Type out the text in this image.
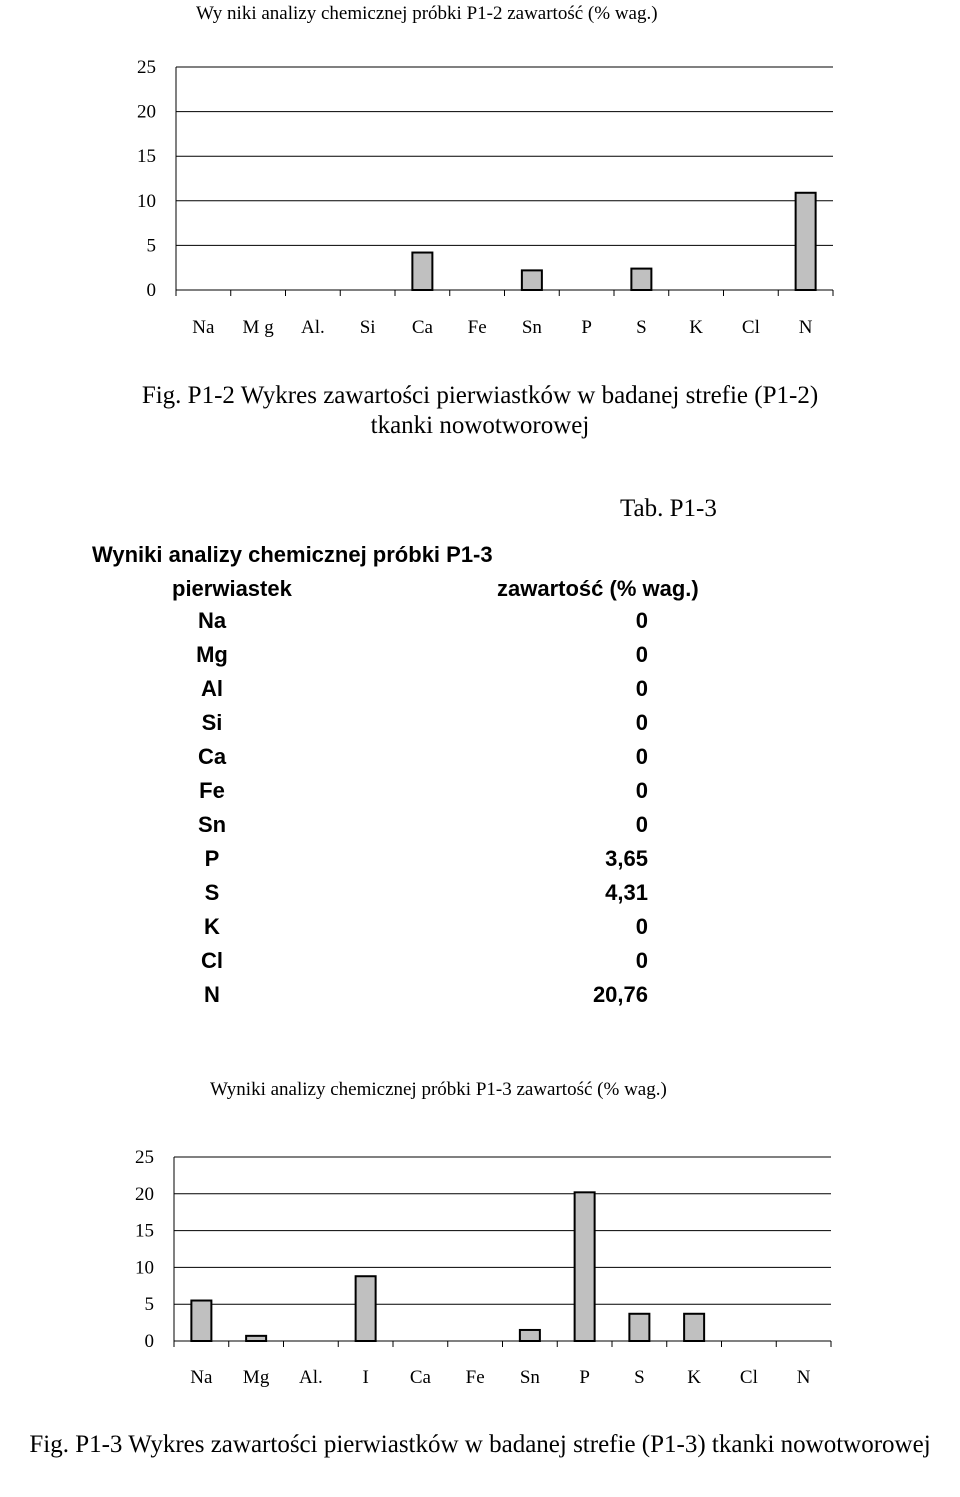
Wy niki analizy chemicznej próbki P1-2 zawartość (% wag.)
0
5
10
15
20
25
Na M g Al. Si Ca Fe Sn P S K Cl N
Fig. P1-2 Wykres zawartości pierwiastków w badanej strefie (P1-2) tkanki nowotworowej
Tab. P1-3
Wyniki analizy chemicznej próbki P1-3
pierwiastek	zawartość (% wag.)
Na	0
Mg	0
Al	0
Si	0
Ca	0
Fe	0
Sn	0
P	3,65
S	4,31
K	0
Cl	0
N	20,76
Wyniki analizy chemicznej próbki P1-3 zawartość (% wag.)
0
5
10
15
20
25
Na Mg Al. I Ca Fe Sn P S K Cl N
Fig. P1-3 Wykres zawartości pierwiastków w badanej strefie (P1-3) tkanki nowotworowej
